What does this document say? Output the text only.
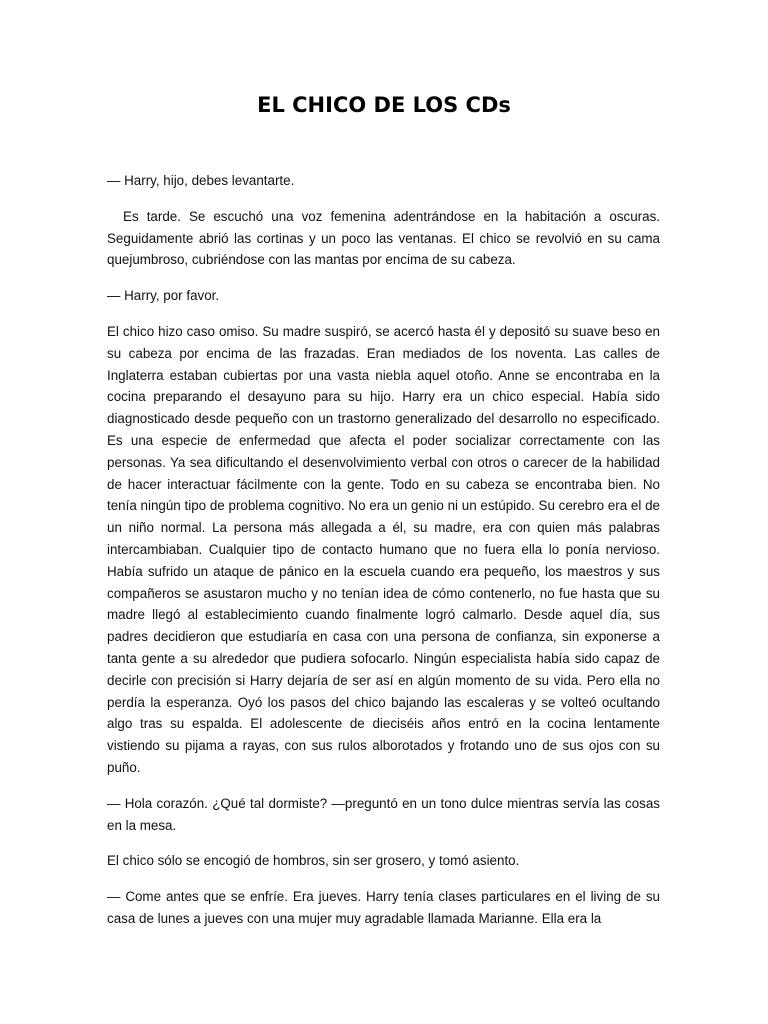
EL CHICO DE LOS CDs

— Harry, hijo, debes levantarte.

Es tarde. Se escuchó una voz femenina adentrándose en la habitación a oscuras. Seguidamente abrió las cortinas y un poco las ventanas. El chico se revolvió en su cama quejumbroso, cubriéndose con las mantas por encima de su cabeza.

— Harry, por favor.

El chico hizo caso omiso. Su madre suspiró, se acercó hasta él y depositó su suave beso en su cabeza por encima de las frazadas. Eran mediados de los noventa. Las calles de Inglaterra estaban cubiertas por una vasta niebla aquel otoño. Anne se encontraba en la cocina preparando el desayuno para su hijo. Harry era un chico especial. Había sido diagnosticado desde pequeño con un trastorno generalizado del desarrollo no especificado. Es una especie de enfermedad que afecta el poder socializar correctamente con las personas. Ya sea dificultando el desenvolvimiento verbal con otros o carecer de la habilidad de hacer interactuar fácilmente con la gente. Todo en su cabeza se encontraba bien. No tenía ningún tipo de problema cognitivo. No era un genio ni un estúpido. Su cerebro era el de un niño normal. La persona más allegada a él, su madre, era con quien más palabras intercambiaban. Cualquier tipo de contacto humano que no fuera ella lo ponía nervioso. Había sufrido un ataque de pánico en la escuela cuando era pequeño, los maestros y sus compañeros se asustaron mucho y no tenían idea de cómo contenerlo, no fue hasta que su madre llegó al establecimiento cuando finalmente logró calmarlo. Desde aquel día, sus padres decidieron que estudiaría en casa con una persona de confianza, sin exponerse a tanta gente a su alrededor que pudiera sofocarlo. Ningún especialista había sido capaz de decirle con precisión si Harry dejaría de ser así en algún momento de su vida. Pero ella no perdía la esperanza. Oyó los pasos del chico bajando las escaleras y se volteó ocultando algo tras su espalda. El adolescente de dieciséis años entró en la cocina lentamente vistiendo su pijama a rayas, con sus rulos alborotados y frotando uno de sus ojos con su puño.

— Hola corazón. ¿Qué tal dormiste? —preguntó en un tono dulce mientras servía las cosas en la mesa.

El chico sólo se encogió de hombros, sin ser grosero, y tomó asiento.

— Come antes que se enfríe. Era jueves. Harry tenía clases particulares en el living de su casa de lunes a jueves con una mujer muy agradable llamada Marianne. Ella era la
